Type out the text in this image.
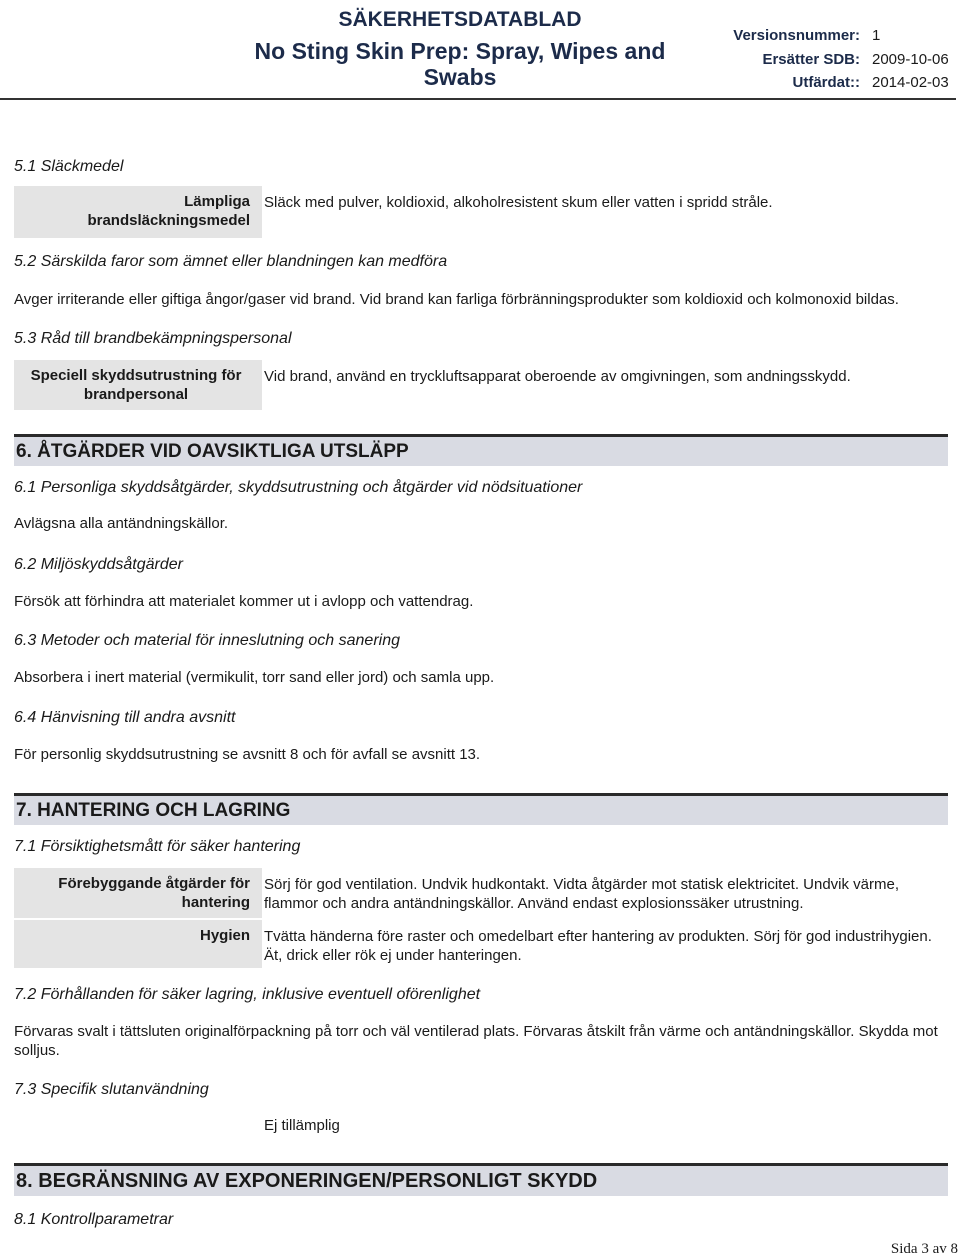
SÄKERHETSDATABLAD
No Sting Skin Prep: Spray, Wipes and
Swabs
Versionsnummer: 1
Ersätter SDB: 2009-10-06
Utfärdat:: 2014-02-03
5.1 Släckmedel
Lämpliga
brandsläckningsmedel
Släck med pulver, koldioxid, alkoholresistent skum eller vatten i spridd stråle.
5.2 Särskilda faror som ämnet eller blandningen kan medföra
Avger irriterande eller giftiga ångor/gaser vid brand. Vid brand kan farliga förbränningsprodukter som koldioxid och kolmonoxid bildas.
5.3 Råd till brandbekämpningspersonal
Speciell skyddsutrustning för
brandpersonal
Vid brand, använd en tryckluftsapparat oberoende av omgivningen, som andningsskydd.
6. ÅTGÄRDER VID OAVSIKTLIGA UTSLÄPP
6.1 Personliga skyddsåtgärder, skyddsutrustning och åtgärder vid nödsituationer
Avlägsna alla antändningskällor.
6.2 Miljöskyddsåtgärder
Försök att förhindra att materialet kommer ut i avlopp och vattendrag.
6.3 Metoder och material för inneslutning och sanering
Absorbera i inert material (vermikulit, torr sand eller jord) och samla upp.
6.4 Hänvisning till andra avsnitt
För personlig skyddsutrustning se avsnitt 8 och för avfall se avsnitt 13.
7. HANTERING OCH LAGRING
7.1 Försiktighetsmått för säker hantering
Förebyggande åtgärder för
hantering
Sörj för god ventilation. Undvik hudkontakt. Vidta åtgärder mot statisk elektricitet. Undvik värme, flammor och andra antändningskällor. Använd endast explosionssäker utrustning.
Hygien Tvätta händerna före raster och omedelbart efter hantering av produkten. Sörj för god industrihygien. Ät, drick eller rök ej under hanteringen.
7.2 Förhållanden för säker lagring, inklusive eventuell oförenlighet
Förvaras svalt i tättsluten originalförpackning på torr och väl ventilerad plats. Förvaras åtskilt från värme och antändningskällor. Skydda mot solljus.
7.3 Specifik slutanvändning
Ej tillämplig
8. BEGRÄNSNING AV EXPONERINGEN/PERSONLIGT SKYDD
8.1 Kontrollparametrar
Sida 3 av 8
